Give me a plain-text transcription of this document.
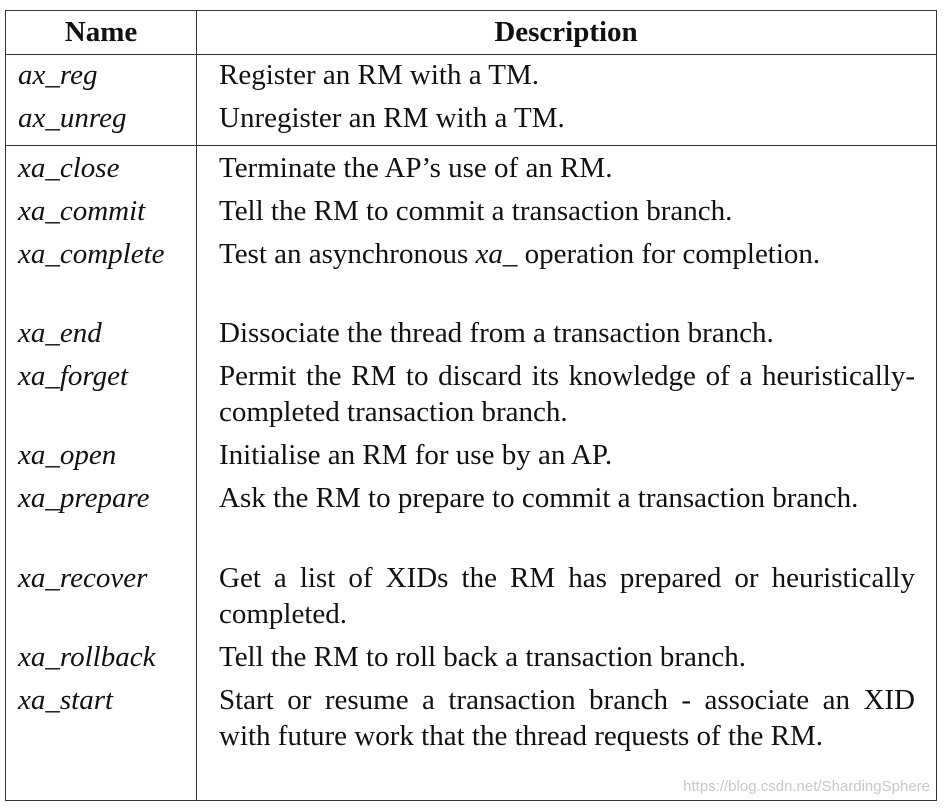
Name	Description
ax_reg	Register an RM with a TM.
ax_unreg	Unregister an RM with a TM.
xa_close	Terminate the AP’s use of an RM.
xa_commit	Tell the RM to commit a transaction branch.
xa_complete Test an asynchronous xa_ operation for completion.
xa_end	Dissociate the thread from a transaction branch.
xa_forget	Permit the RM to discard its knowledge of a heuristically-completed transaction branch.
xa_open	Initialise an RM for use by an AP.
xa_prepare Ask the RM to prepare to commit a transaction branch.
xa_recover Get a list of XIDs the RM has prepared or heuristically completed.
xa_rollback Tell the RM to roll back a transaction branch.
xa_start	Start or resume a transaction branch - associate an XID with future work that the thread requests of the RM.
https://blog.csdn.net/ShardingSphere
